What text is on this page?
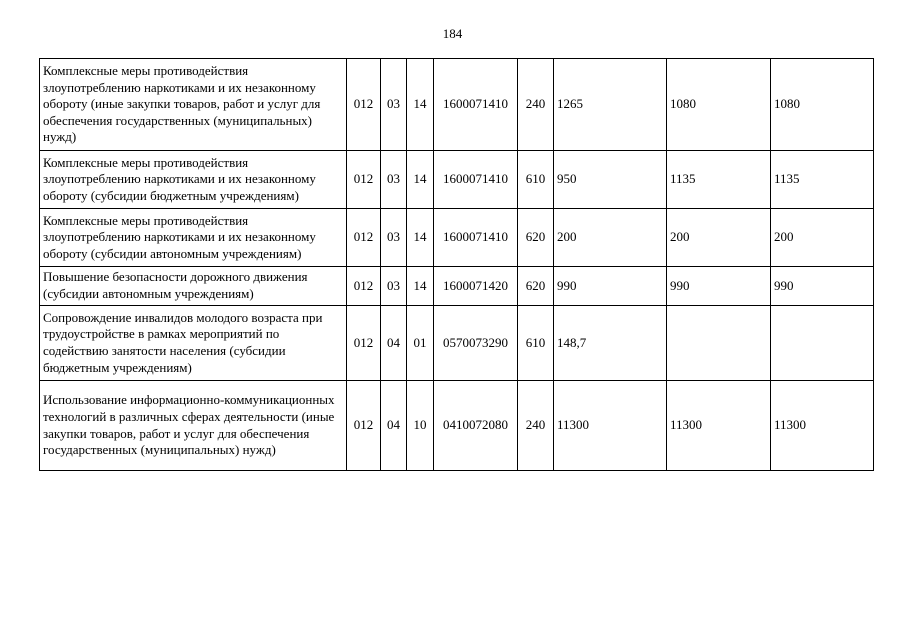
184
Комплексные меры противодействия злоупотреблению наркотиками и их незаконному обороту (иные закупки товаров, работ и услуг для обеспечения государственных (муниципальных) нужд)	012	03	14	1600071410	240	1265	1080	1080
Комплексные меры противодействия злоупотреблению наркотиками и их незаконному обороту (субсидии бюджетным учреждениям)	012	03	14	1600071410	610	950	1135	1135
Комплексные меры противодействия злоупотреблению наркотиками и их незаконному обороту (субсидии автономным учреждениям)	012	03	14	1600071410	620	200	200	200
Повышение безопасности дорожного движения (субсидии автономным учреждениям)	012	03	14	1600071420	620	990	990	990
Сопровождение инвалидов молодого возраста при трудоустройстве в рамках мероприятий по содействию занятости населения (субсидии бюджетным учреждениям)	012	04	01	0570073290	610	148,7		
Использование информационно-коммуникационных технологий в различных сферах деятельности (иные закупки товаров, работ и услуг для обеспечения государственных (муниципальных) нужд)	012	04	10	0410072080	240	11300	11300	11300
